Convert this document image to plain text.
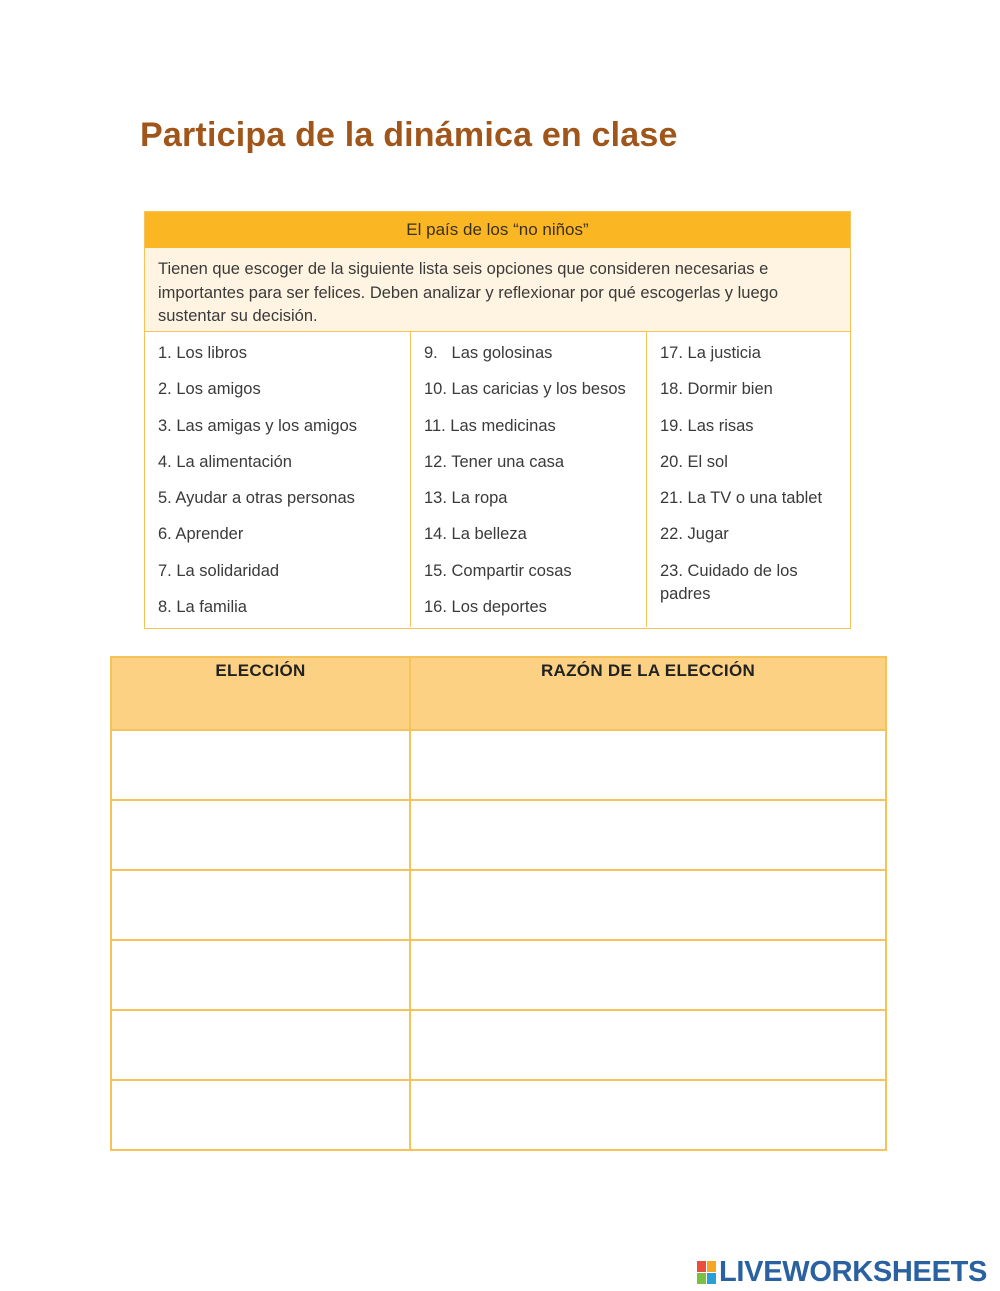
Participa de la dinámica en clase
El país de los “no niños”
Tienen que escoger de la siguiente lista seis opciones que consideren necesarias e importantes para ser felices. Deben analizar y reflexionar por qué escogerlas y luego sustentar su decisión.
1. Los libros
2. Los amigos
3. Las amigas y los amigos
4. La alimentación
5. Ayudar a otras personas
6. Aprender
7. La solidaridad
8. La familia
9.   Las golosinas
10. Las caricias y los besos
11. Las medicinas
12. Tener una casa
13. La ropa
14. La belleza
15. Compartir cosas
16. Los deportes
17. La justicia
18. Dormir bien
19. Las risas
20. El sol
21. La TV o una tablet
22. Jugar
23. Cuidado de los padres
ELECCIÓN	RAZÓN DE LA ELECCIÓN

LIVEWORKSHEETS
